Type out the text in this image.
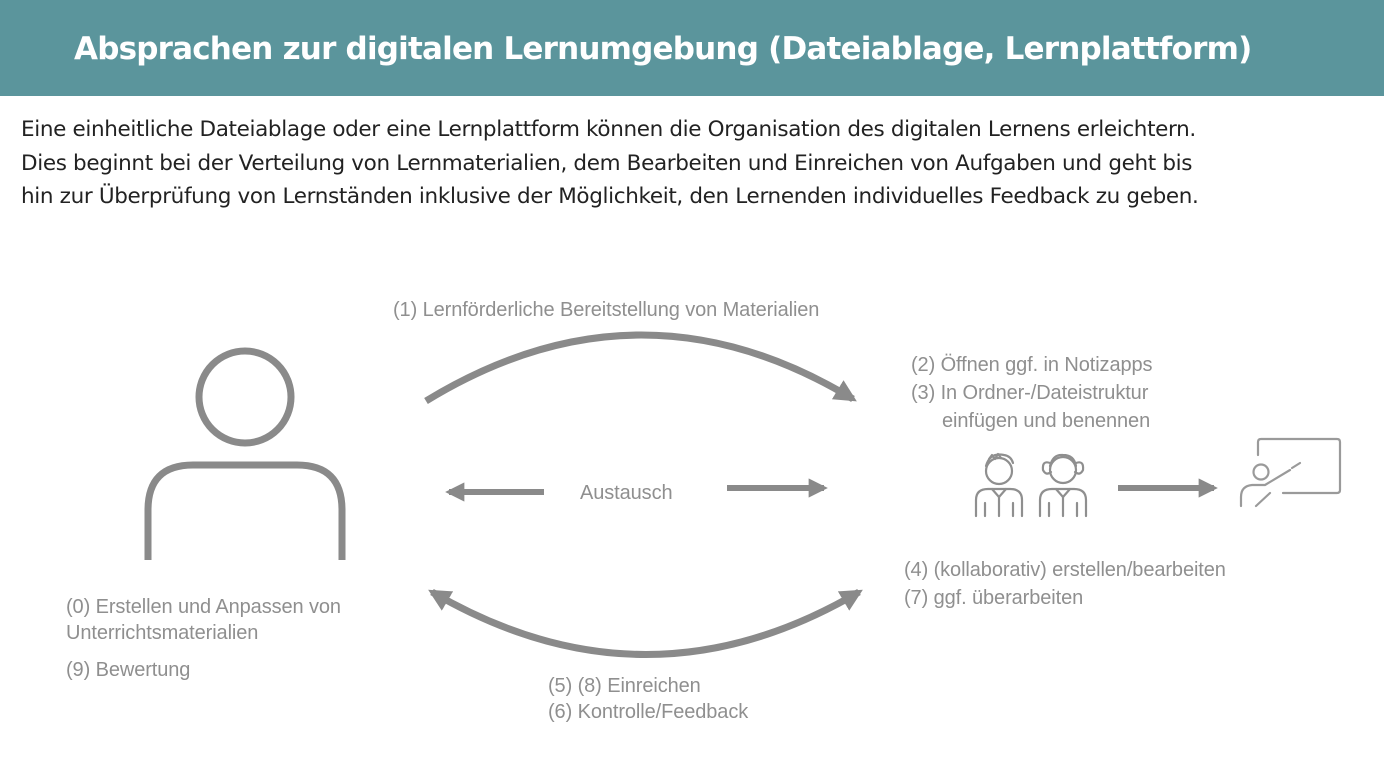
Absprachen zur digitalen Lernumgebung (Dateiablage, Lernplattform)
Eine einheitliche Dateiablage oder eine Lernplattform können die Organisation des digitalen Lernens erleichtern.
Dies beginnt bei der Verteilung von Lernmaterialien, dem Bearbeiten und Einreichen von Aufgaben und geht bis
hin zur Überprüfung von Lernständen inklusive der Möglichkeit, den Lernenden individuelles Feedback zu geben.
(1) Lernförderliche Bereitstellung von Materialien
(2) Öffnen ggf. in Notizapps
(3) In Ordner-/Dateistruktur
einfügen und benennen
Austausch
(0) Erstellen und Anpassen von
Unterrichtsmaterialien
(9) Bewertung
(4) (kollaborativ) erstellen/bearbeiten
(7) ggf. überarbeiten
(5) (8) Einreichen
(6) Kontrolle/Feedback
